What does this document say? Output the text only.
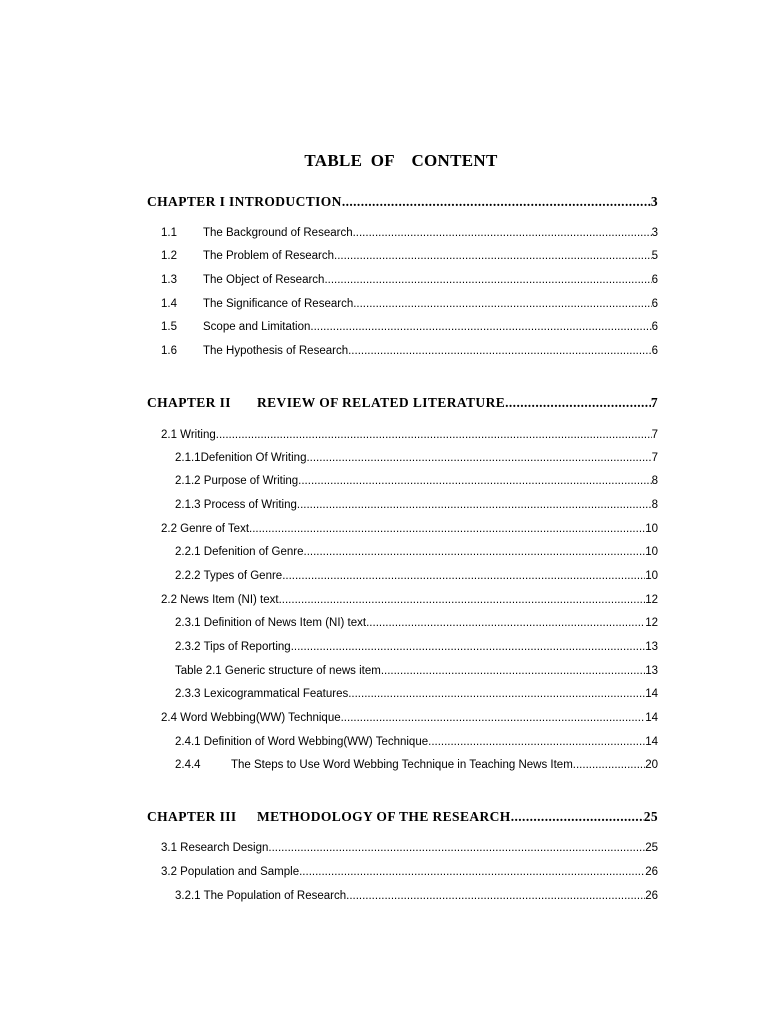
TABLE OF  CONTENT
CHAPTER I INTRODUCTION .....	3
1.1	The Background of Research .....	3
1.2	The Problem of Research .....	5
1.3	The Object of Research .....	6
1.4	The Significance of Research .....	6
1.5	Scope and Limitation .....	6
1.6	The Hypothesis of Research .....	6
CHAPTER II	REVIEW OF RELATED LITERATURE .....	7
2.1 Writing .....	7
2.1.1Defenition Of Writing .....	7
2.1.2 Purpose of Writing .....	8
2.1.3 Process of Writing .....	8
2.2 Genre of Text .....	10
2.2.1 Defenition of Genre .....	10
2.2.2 Types of Genre .....	10
2.2 News Item (NI) text .....	12
2.3.1 Definition of News Item (NI) text .....	12
2.3.2 Tips of Reporting .....	13
Table 2.1 Generic structure of news item .....	13
2.3.3 Lexicogrammatical Features .....	14
2.4 Word Webbing(WW) Technique .....	14
2.4.1 Definition of Word Webbing(WW) Technique .....	14
2.4.4	The Steps to Use Word Webbing Technique in Teaching News Item .....	20
CHAPTER III	METHODOLOGY OF THE RESEARCH .....	25
3.1 Research Design .....	25
3.2 Population and Sample .....	26
3.2.1 The Population of Research .....	26
